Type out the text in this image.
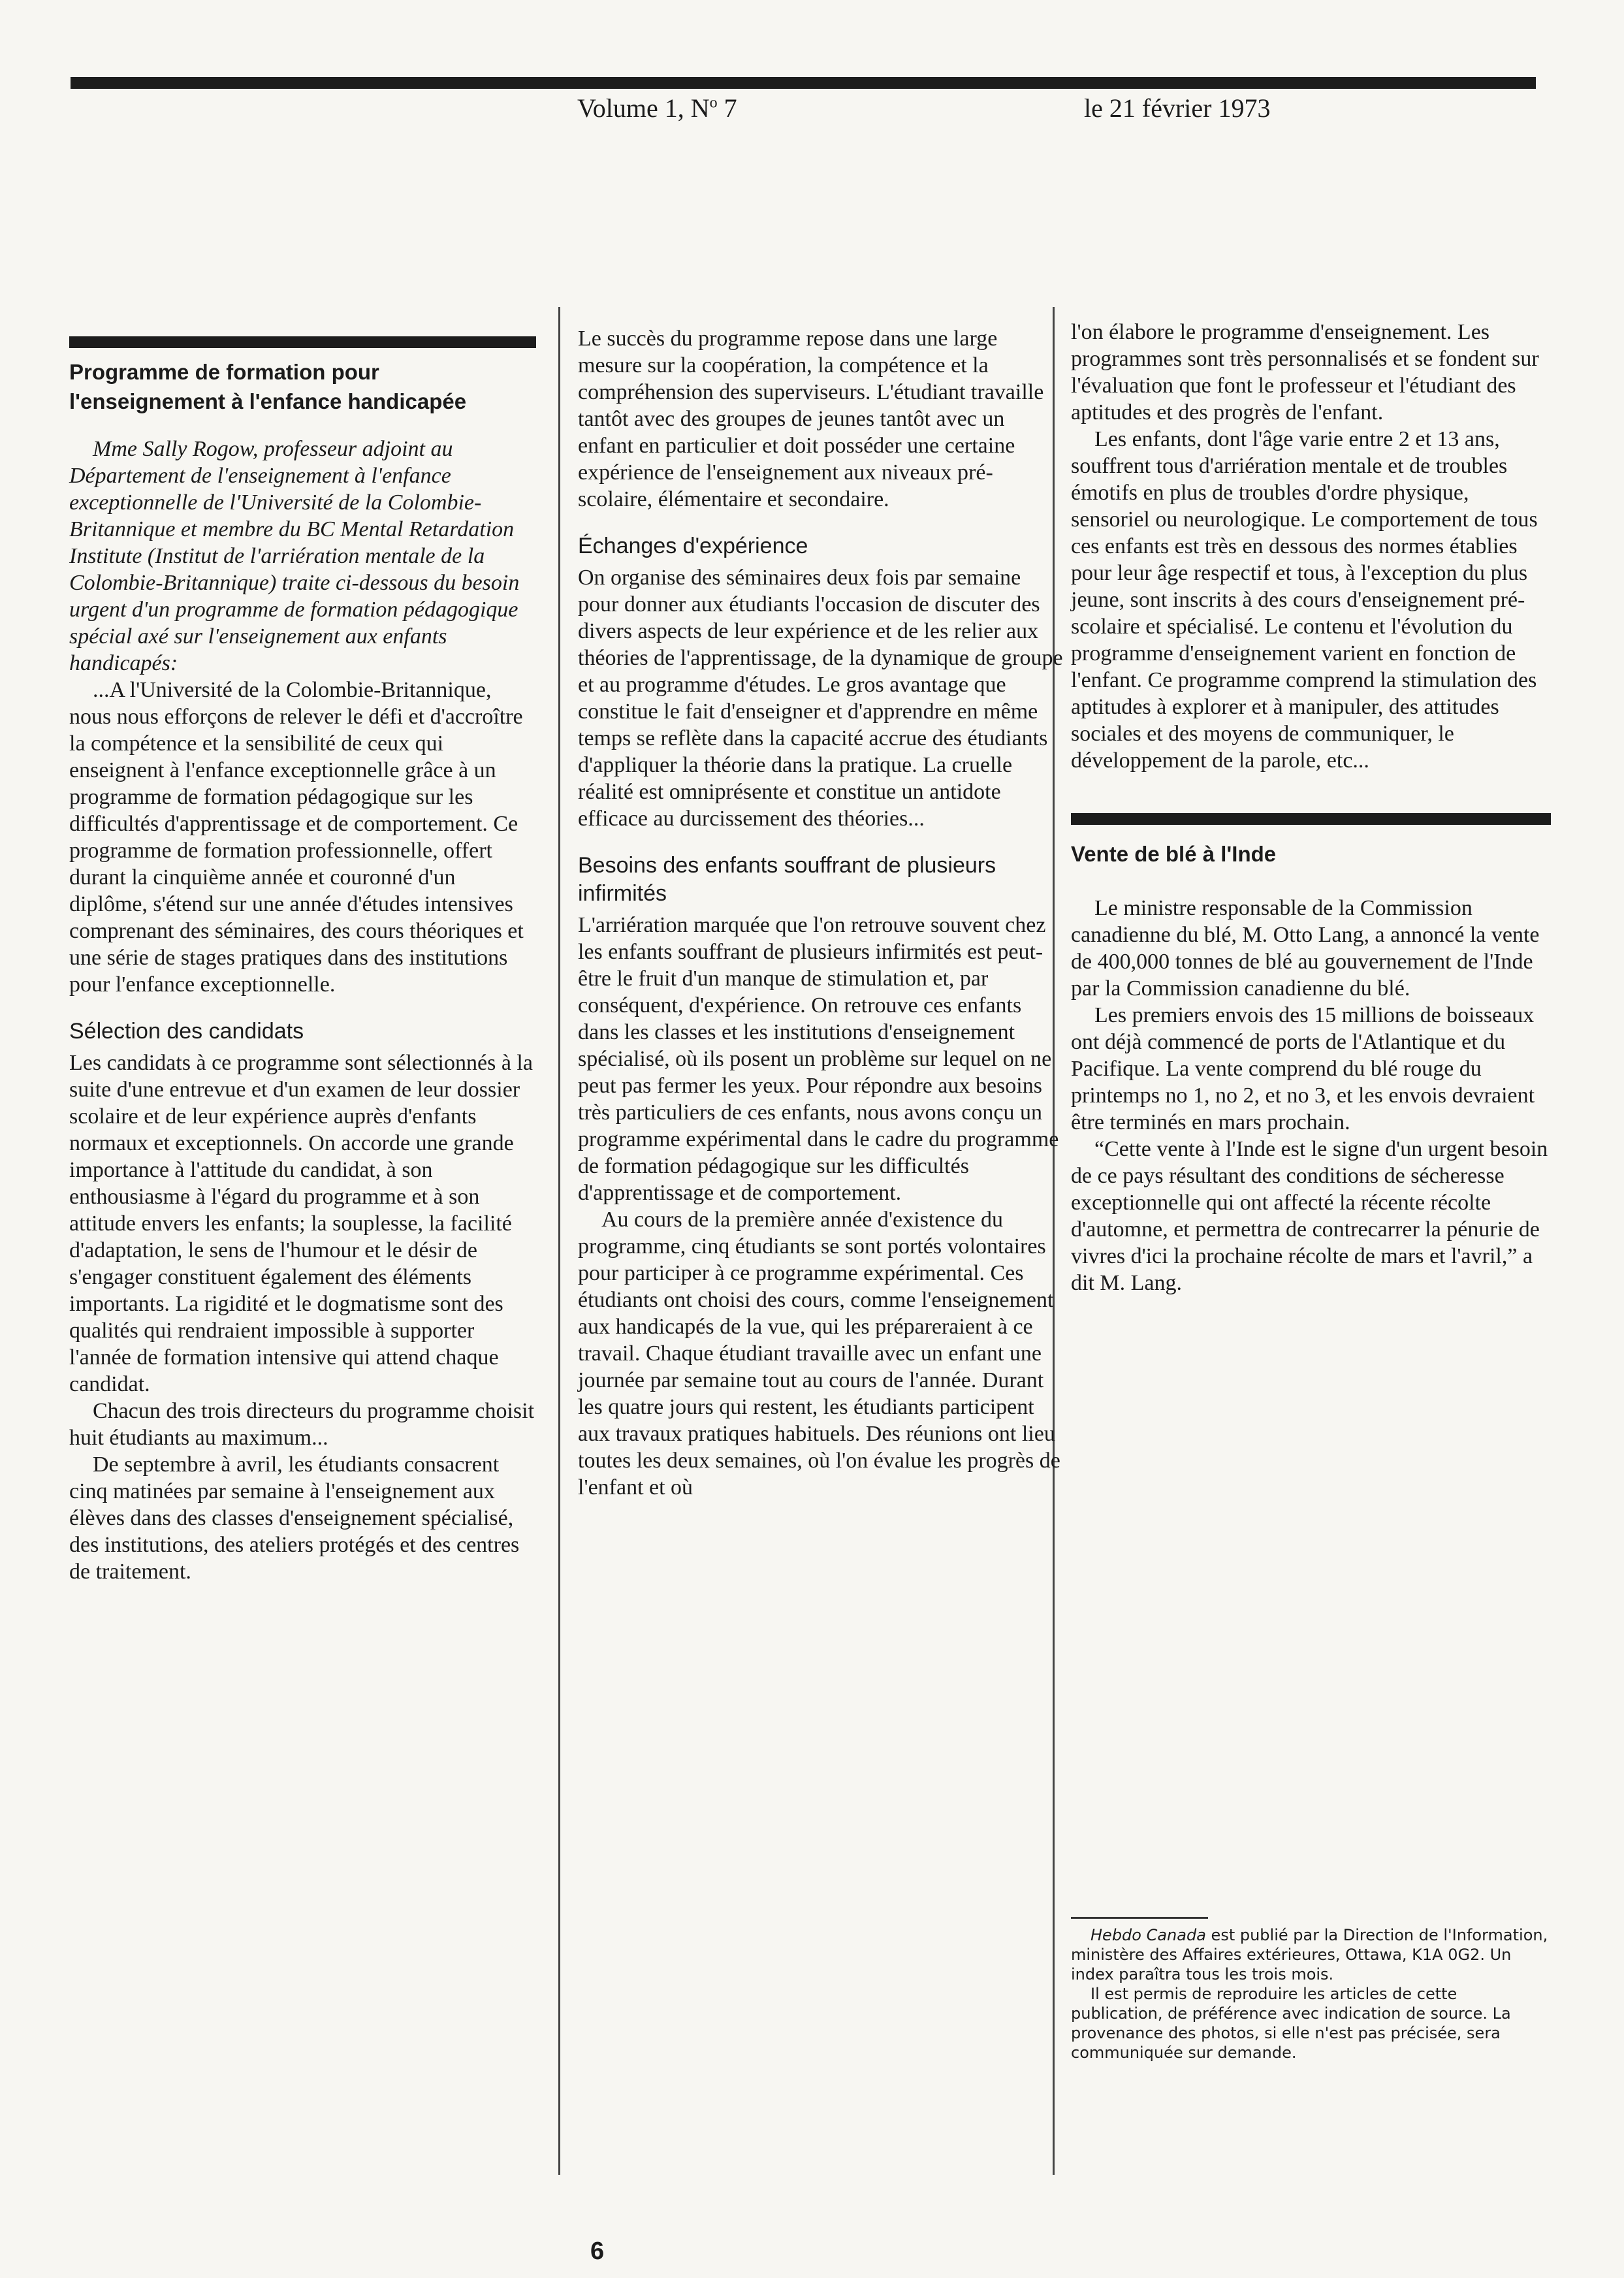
Volume 1, $N^o$ 7	le 21 février 1973
Programme de formation pour l'enseignement à l'enfance handicapée

Mme Sally Rogow, professeur adjoint au Département de l'enseignement à l'enfance exceptionnelle de l'Université de la Colombie-Britannique et membre du BC Mental Retardation Institute (Institut de l'arriération mentale de la Colombie-Britannique) traite ci-dessous du besoin urgent d'un programme de formation pédagogique spécial axé sur l'enseignement aux enfants handicapés:

...A l'Université de la Colombie-Britannique, nous nous efforçons de relever le défi et d'accroître la compétence et la sensibilité de ceux qui enseignent à l'enfance exceptionnelle grâce à un programme de formation pédagogique sur les difficultés d'apprentissage et de comportement. Ce programme de formation professionnelle, offert durant la cinquième année et couronné d'un diplôme, s'étend sur une année d'études intensives comprenant des séminaires, des cours théoriques et une série de stages pratiques dans des institutions pour l'enfance exceptionnelle.

Sélection des candidats

Les candidats à ce programme sont sélectionnés à la suite d'une entrevue et d'un examen de leur dossier scolaire et de leur expérience auprès d'enfants normaux et exceptionnels. On accorde une grande importance à l'attitude du candidat, à son enthousiasme à l'égard du programme et à son attitude envers les enfants; la souplesse, la facilité d'adaptation, le sens de l'humour et le désir de s'engager constituent également des éléments importants. La rigidité et le dogmatisme sont des qualités qui rendraient impossible à supporter l'année de formation intensive qui attend chaque candidat.

Chacun des trois directeurs du programme choisit huit étudiants au maximum...

De septembre à avril, les étudiants consacrent cinq matinées par semaine à l'enseignement aux élèves dans des classes d'enseignement spécialisé, des institutions, des ateliers protégés et des centres de traitement.

Le succès du programme repose dans une large mesure sur la coopération, la compétence et la compréhension des superviseurs. L'étudiant travaille tantôt avec des groupes de jeunes tantôt avec un enfant en particulier et doit posséder une certaine expérience de l'enseignement aux niveaux pré-scolaire, élémentaire et secondaire.

Échanges d'expérience

On organise des séminaires deux fois par semaine pour donner aux étudiants l'occasion de discuter des divers aspects de leur expérience et de les relier aux théories de l'apprentissage, de la dynamique de groupe et au programme d'études. Le gros avantage que constitue le fait d'enseigner et d'apprendre en même temps se reflète dans la capacité accrue des étudiants d'appliquer la théorie dans la pratique. La cruelle réalité est omniprésente et constitue un antidote efficace au durcissement des théories...

Besoins des enfants souffrant de plusieurs infirmités

L'arriération marquée que l'on retrouve souvent chez les enfants souffrant de plusieurs infirmités est peut-être le fruit d'un manque de stimulation et, par conséquent, d'expérience. On retrouve ces enfants dans les classes et les institutions d'enseignement spécialisé, où ils posent un problème sur lequel on ne peut pas fermer les yeux. Pour répondre aux besoins très particuliers de ces enfants, nous avons conçu un programme expérimental dans le cadre du programme de formation pédagogique sur les difficultés d'apprentissage et de comportement.

Au cours de la première année d'existence du programme, cinq étudiants se sont portés volontaires pour participer à ce programme expérimental. Ces étudiants ont choisi des cours, comme l'enseignement aux handicapés de la vue, qui les prépareraient à ce travail. Chaque étudiant travaille avec un enfant une journée par semaine tout au cours de l'année. Durant les quatre jours qui restent, les étudiants participent aux travaux pratiques habituels. Des réunions ont lieu toutes les deux semaines, où l'on évalue les progrès de l'enfant et où

l'on élabore le programme d'enseignement. Les programmes sont très personnalisés et se fondent sur l'évaluation que font le professeur et l'étudiant des aptitudes et des progrès de l'enfant.

Les enfants, dont l'âge varie entre 2 et 13 ans, souffrent tous d'arriération mentale et de troubles émotifs en plus de troubles d'ordre physique, sensoriel ou neurologique. Le comportement de tous ces enfants est très en dessous des normes établies pour leur âge respectif et tous, à l'exception du plus jeune, sont inscrits à des cours d'enseignement pré-scolaire et spécialisé. Le contenu et l'évolution du programme d'enseignement varient en fonction de l'enfant. Ce programme comprend la stimulation des aptitudes à explorer et à manipuler, des attitudes sociales et des moyens de communiquer, le développement de la parole, etc...

Vente de blé à l'Inde

Le ministre responsable de la Commission canadienne du blé, M. Otto Lang, a annoncé la vente de 400,000 tonnes de blé au gouvernement de l'Inde par la Commission canadienne du blé.

Les premiers envois des 15 millions de boisseaux ont déjà commencé de ports de l'Atlantique et du Pacifique. La vente comprend du blé rouge du printemps no 1, no 2, et no 3, et les envois devraient être terminés en mars prochain.

“Cette vente à l'Inde est le signe d'un urgent besoin de ce pays résultant des conditions de sécheresse exceptionnelle qui ont affecté la récente récolte d'automne, et permettra de contrecarrer la pénurie de vivres d'ici la prochaine récolte de mars et l'avril,” a dit M. Lang.

Hebdo Canada est publié par la Direction de l'Information, ministère des Affaires extérieures, Ottawa, K1A 0G2. Un index paraîtra tous les trois mois.

Il est permis de reproduire les articles de cette publication, de préférence avec indication de source. La provenance des photos, si elle n'est pas précisée, sera communiquée sur demande.

6
